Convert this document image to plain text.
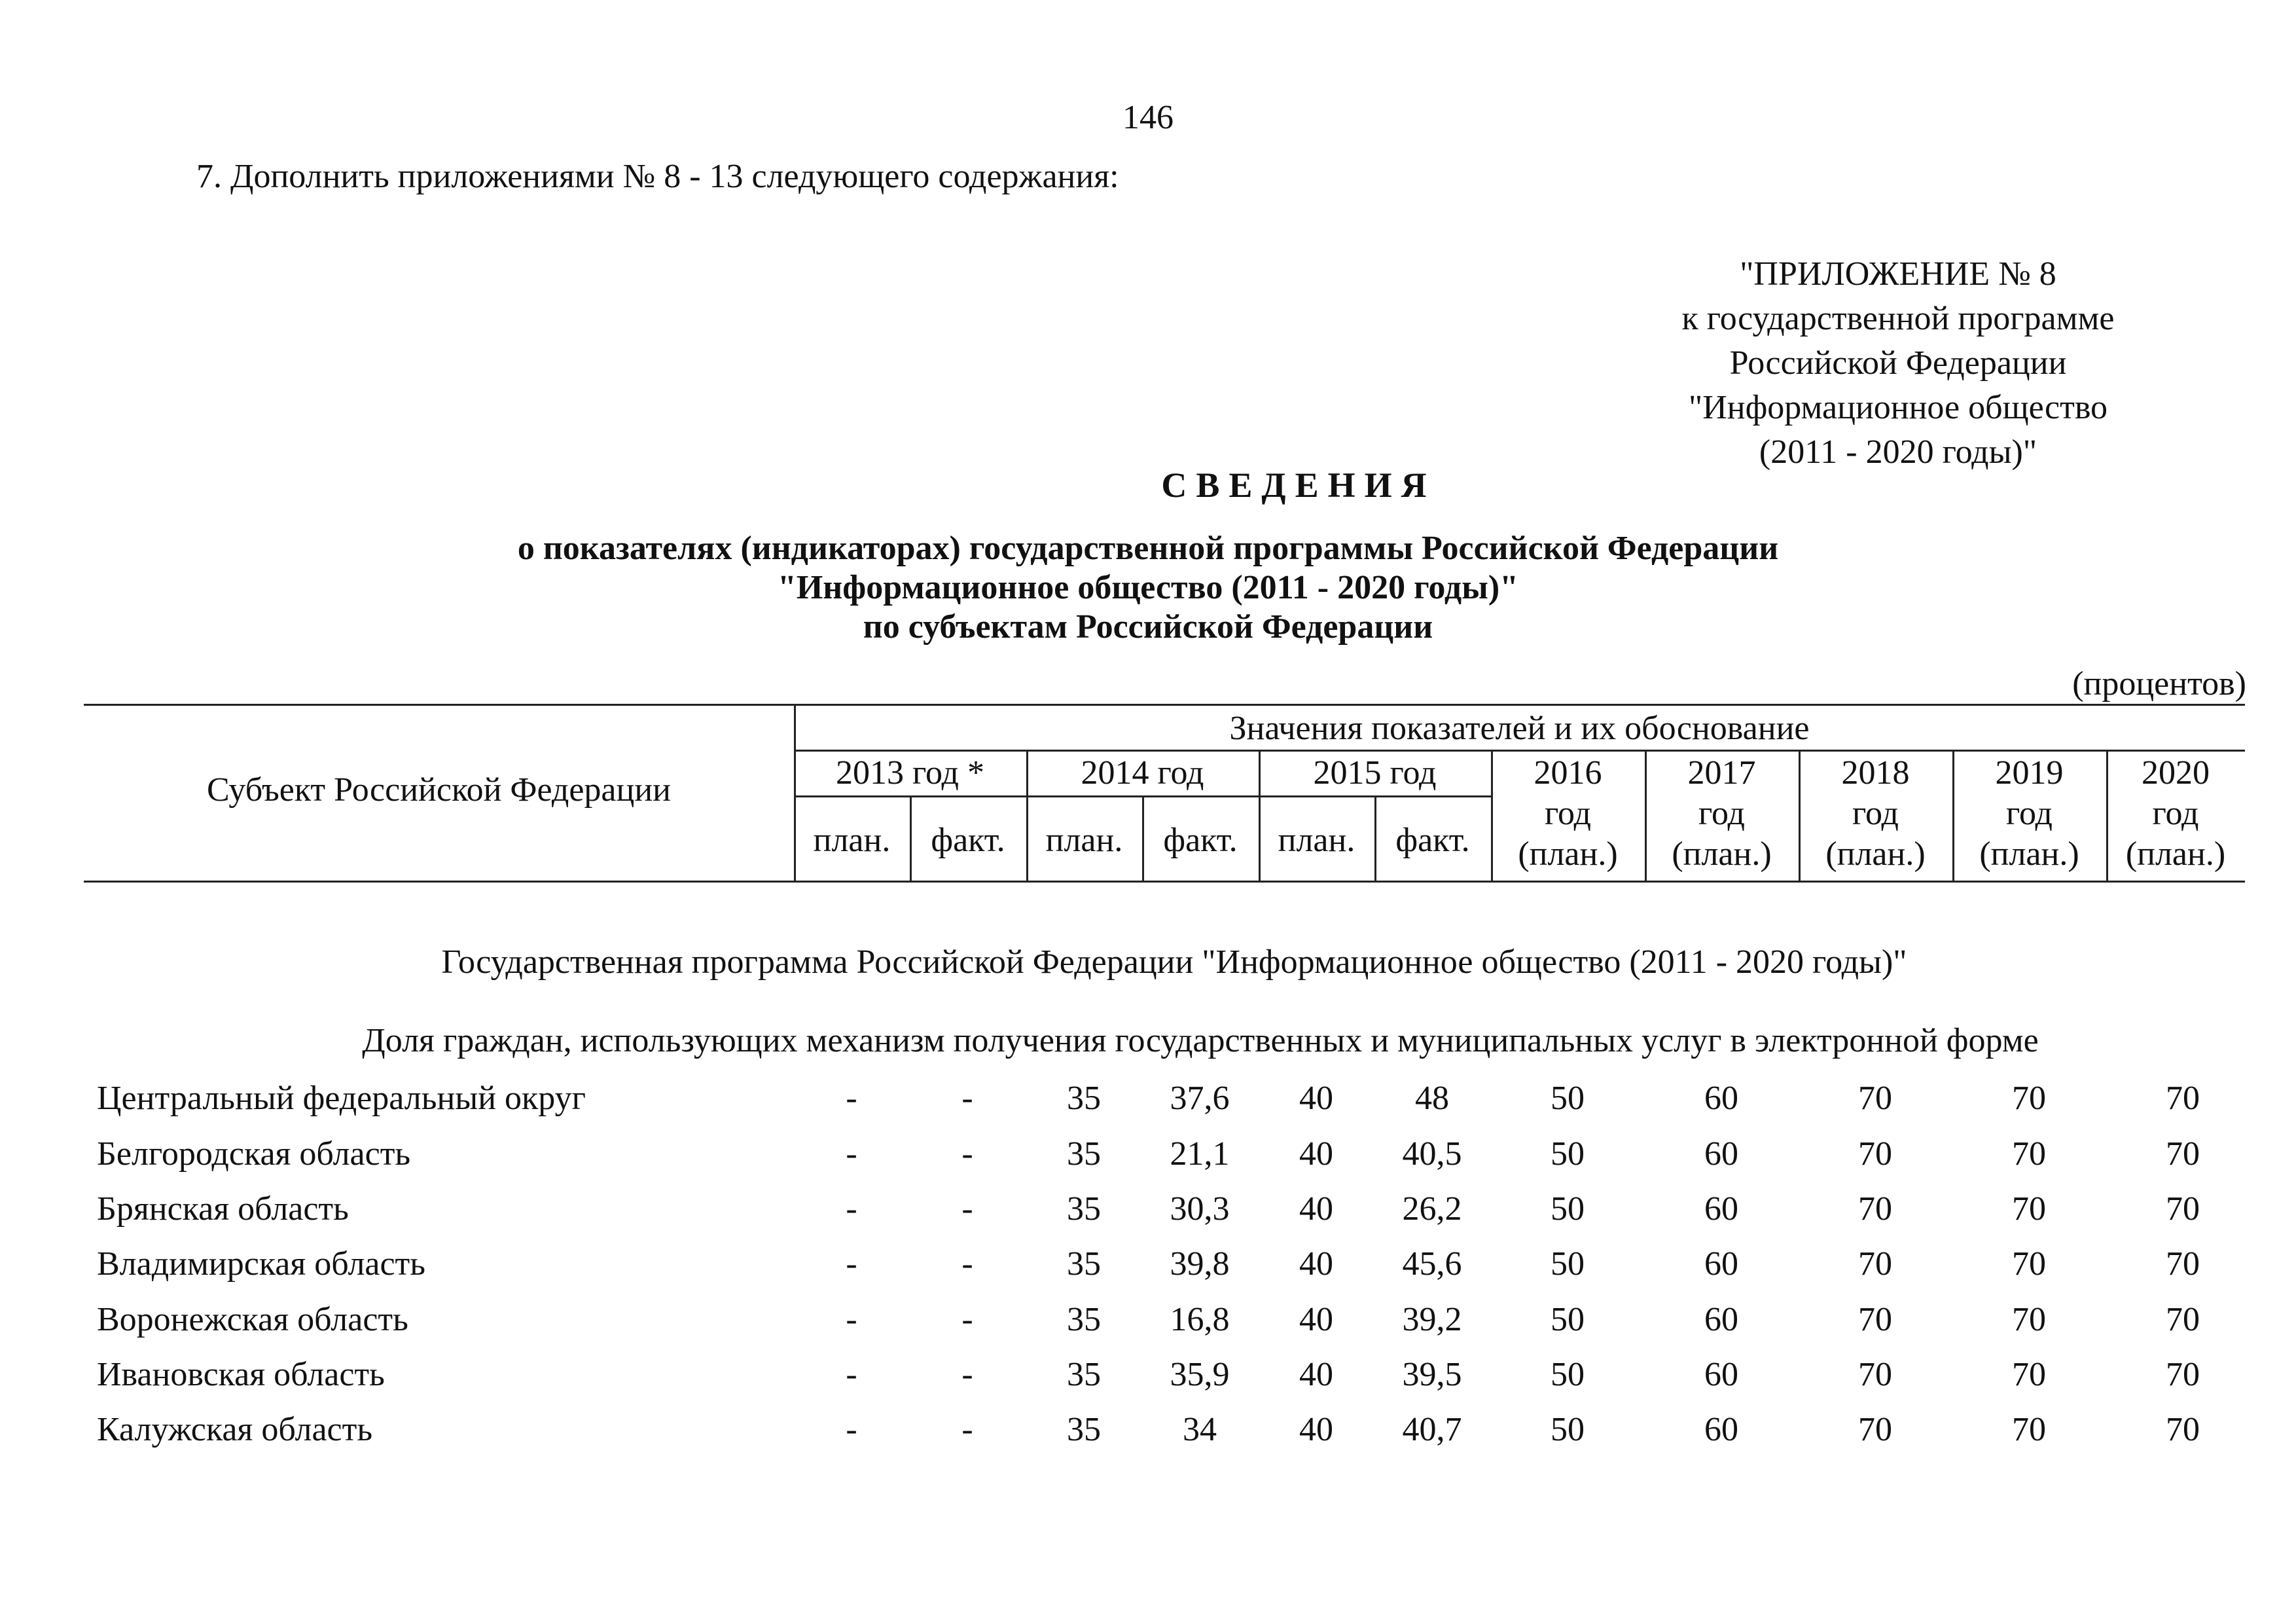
146
7. Дополнить приложениями № 8 - 13 следующего содержания:
"ПРИЛОЖЕНИЕ № 8
к государственной программе
Российской Федерации
"Информационное общество
(2011 - 2020 годы)"
СВЕДЕНИЯ
о показателях (индикаторах) государственной программы Российской Федерации
"Информационное общество (2011 - 2020 годы)"
по субъектам Российской Федерации
(процентов)
Субъект Российской Федерации
Значения показателей и их обоснование
2013 год *	2014 год	2015 год
план.	факт.	план.	факт.	план.	факт.
2016
год
(план.)
2017
год
(план.)
2018
год
(план.)
2019
год
(план.)
2020
год
(план.)
Государственная программа Российской Федерации "Информационное общество (2011 - 2020 годы)"
Доля граждан, использующих механизм получения государственных и муниципальных услуг в электронной форме
Центральный федеральный округ	-	-	35	37,6	40	48	50	60	70	70	70
Белгородская область	-	-	35	21,1	40	40,5	50	60	70	70	70
Брянская область	-	-	35	30,3	40	26,2	50	60	70	70	70
Владимирская область	-	-	35	39,8	40	45,6	50	60	70	70	70
Воронежская область	-	-	35	16,8	40	39,2	50	60	70	70	70
Ивановская область	-	-	35	35,9	40	39,5	50	60	70	70	70
Калужская область	-	-	35	34	40	40,7	50	60	70	70	70
